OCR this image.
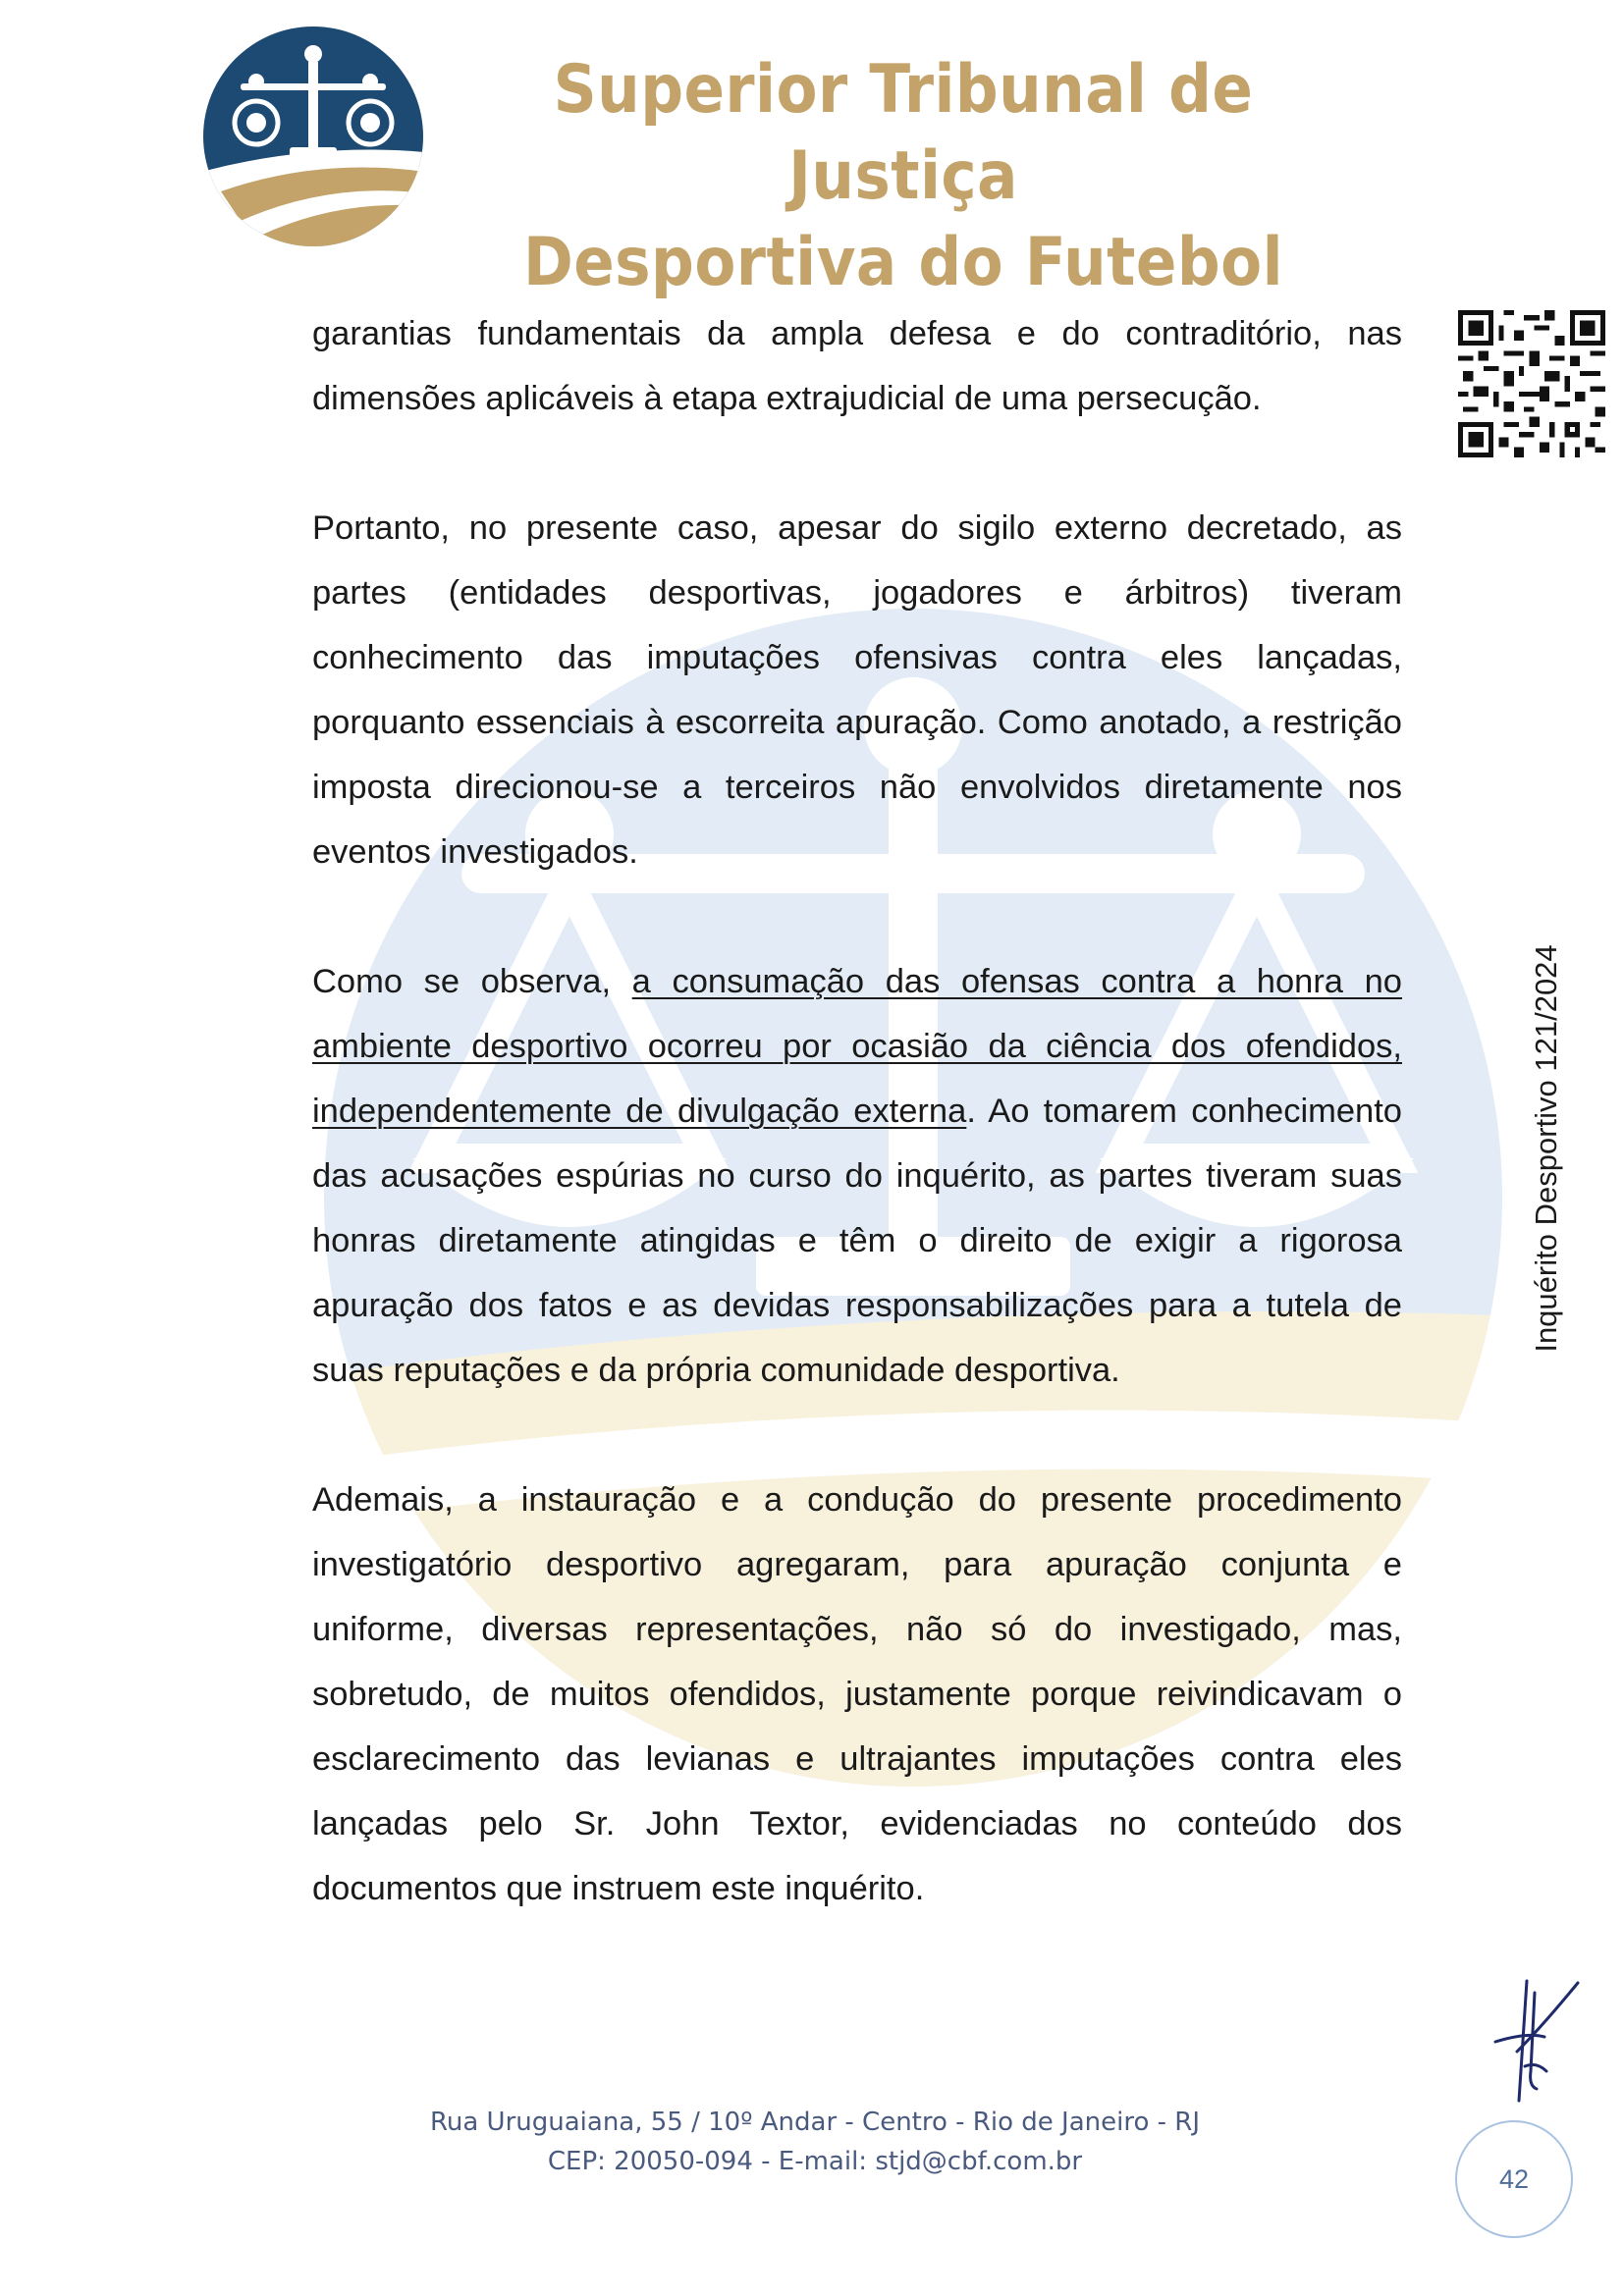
Superior Tribunal de Justiça
Desportiva do Futebol
Inquérito Desportivo 121/2024

garantias fundamentais da ampla defesa e do contraditório, nas dimensões aplicáveis à etapa extrajudicial de uma persecução.

Portanto, no presente caso, apesar do sigilo externo decretado, as partes (entidades desportivas, jogadores e árbitros) tiveram conhecimento das imputações ofensivas contra eles lançadas, porquanto essenciais à escorreita apuração. Como anotado, a restrição imposta direcionou-se a terceiros não envolvidos diretamente nos eventos investigados.

Como se observa, a consumação das ofensas contra a honra no ambiente desportivo ocorreu por ocasião da ciência dos ofendidos, independentemente de divulgação externa. Ao tomarem conhecimento das acusações espúrias no curso do inquérito, as partes tiveram suas honras diretamente atingidas e têm o direito de exigir a rigorosa apuração dos fatos e as devidas responsabilizações para a tutela de suas reputações e da própria comunidade desportiva.

Ademais, a instauração e a condução do presente procedimento investigatório desportivo agregaram, para apuração conjunta e uniforme, diversas representações, não só do investigado, mas, sobretudo, de muitos ofendidos, justamente porque reivindicavam o esclarecimento das levianas e ultrajantes imputações contra eles lançadas pelo Sr. John Textor, evidenciadas no conteúdo dos documentos que instruem este inquérito.

Rua Uruguaiana, 55 / 10º Andar - Centro - Rio de Janeiro - RJ
CEP: 20050-094 - E-mail: stjd@cbf.com.br
42
